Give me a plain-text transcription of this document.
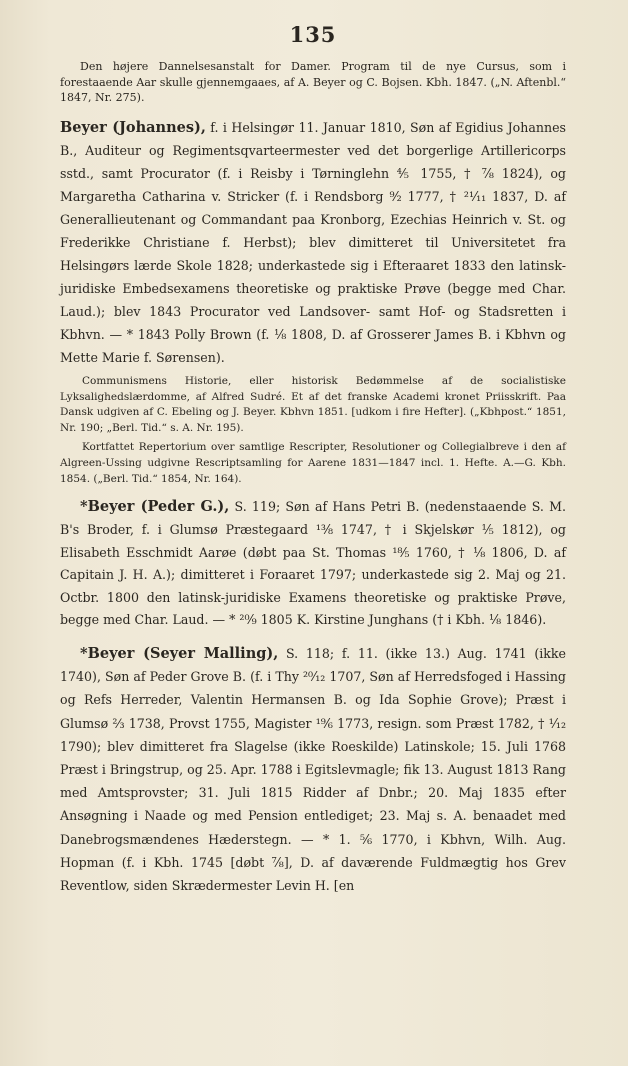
135
Den højere Dannelsesanstalt for Damer. Program til de nye Cursus, som i forestaaende Aar skulle gjennemgaaes, af A. Beyer og C. Bojsen. Kbh. 1847. („N. Aftenbl.“ 1847, Nr. 275).
Beyer (Johannes), f. i Helsingør 11. Januar 1810, Søn af Egidius Johannes B., Auditeur og Regimentsqvarteermester ved det borgerlige Artillericorps sstd., samt Procurator (f. i Reisby i Tørninglehn ⅘ 1755, † ⅞ 1824), og Margaretha Catharina v. Stricker (f. i Rendsborg ⁹⁄₂ 1777, † ²¹⁄₁₁ 1837, D. af Generallieutenant og Commandant paa Kronborg, Ezechias Heinrich v. St. og Frederikke Christiane f. Herbst); blev dimitteret til Universitetet fra Helsingørs lærde Skole 1828; underkastede sig i Efteraaret 1833 den latinsk-juridiske Embedsexamens theoretiske og praktiske Prøve (begge med Char. Laud.); blev 1843 Procurator ved Landsover- samt Hof- og Stadsretten i Kbhvn. — * 1843 Polly Brown (f. ⅛ 1808, D. af Grosserer James B. i Kbhvn og Mette Marie f. Sørensen).
Communismens Historie, eller historisk Bedømmelse af de socialistiske Lyksalighedslærdomme, af Alfred Sudré. Et af det franske Academi kronet Priisskrift. Paa Dansk udgiven af C. Ebeling og J. Beyer. Kbhvn 1851. [udkom i fire Hefter]. („Kbhpost.“ 1851, Nr. 190; „Berl. Tid.“ s. A. Nr. 195).
Kortfattet Repertorium over samtlige Rescripter, Resolutioner og Collegialbreve i den af Algreen-Ussing udgivne Rescriptsamling for Aarene 1831—1847 incl. 1. Hefte. A.—G. Kbh. 1854. („Berl. Tid.“ 1854, Nr. 164).
*Beyer (Peder G.), S. 119; Søn af Hans Petri B. (nedenstaaende S. M. B's Broder, f. i Glumsø Præstegaard ¹³⁄₈ 1747, † i Skjelskør ⅕ 1812), og Elisabeth Esschmidt Aarøe (døbt paa St. Thomas ¹⁸⁄₅ 1760, † ⅛ 1806, D. af Capitain J. H. A.); dimitteret i Foraaret 1797; underkastede sig 2. Maj og 21. Octbr. 1800 den latinsk-juridiske Examens theoretiske og praktiske Prøve, begge med Char. Laud. — * ²⁰⁄₉ 1805 K. Kirstine Junghans († i Kbh. ⅛ 1846).
*Beyer (Seyer Malling), S. 118; f. 11. (ikke 13.) Aug. 1741 (ikke 1740), Søn af Peder Grove B. (f. i Thy ²⁰⁄₁₂ 1707, Søn af Herredsfoged i Hassing og Refs Herreder, Valentin Hermansen B. og Ida Sophie Grove); Præst i Glumsø ⅔ 1738, Provst 1755, Magister ¹⁹⁄₆ 1773, resign. som Præst 1782, † ¹⁄₁₂ 1790); blev dimitteret fra Slagelse (ikke Roeskilde) Latinskole; 15. Juli 1768 Præst i Bringstrup, og 25. Apr. 1788 i Egitslevmagle; fik 13. August 1813 Rang med Amtsprovster; 31. Juli 1815 Ridder af Dnbr.; 20. Maj 1835 efter Ansøgning i Naade og med Pension entlediget; 23. Maj s. A. benaadet med Danebrogsmændenes Hæderstegn. — * 1. ⁵⁄₆ 1770, i Kbhvn, Wilh. Aug. Hopman (f. i Kbh. 1745 [døbt ⅞], D. af daværende Fuldmægtig hos Grev Reventlow, siden Skrædermester Levin H. [en
